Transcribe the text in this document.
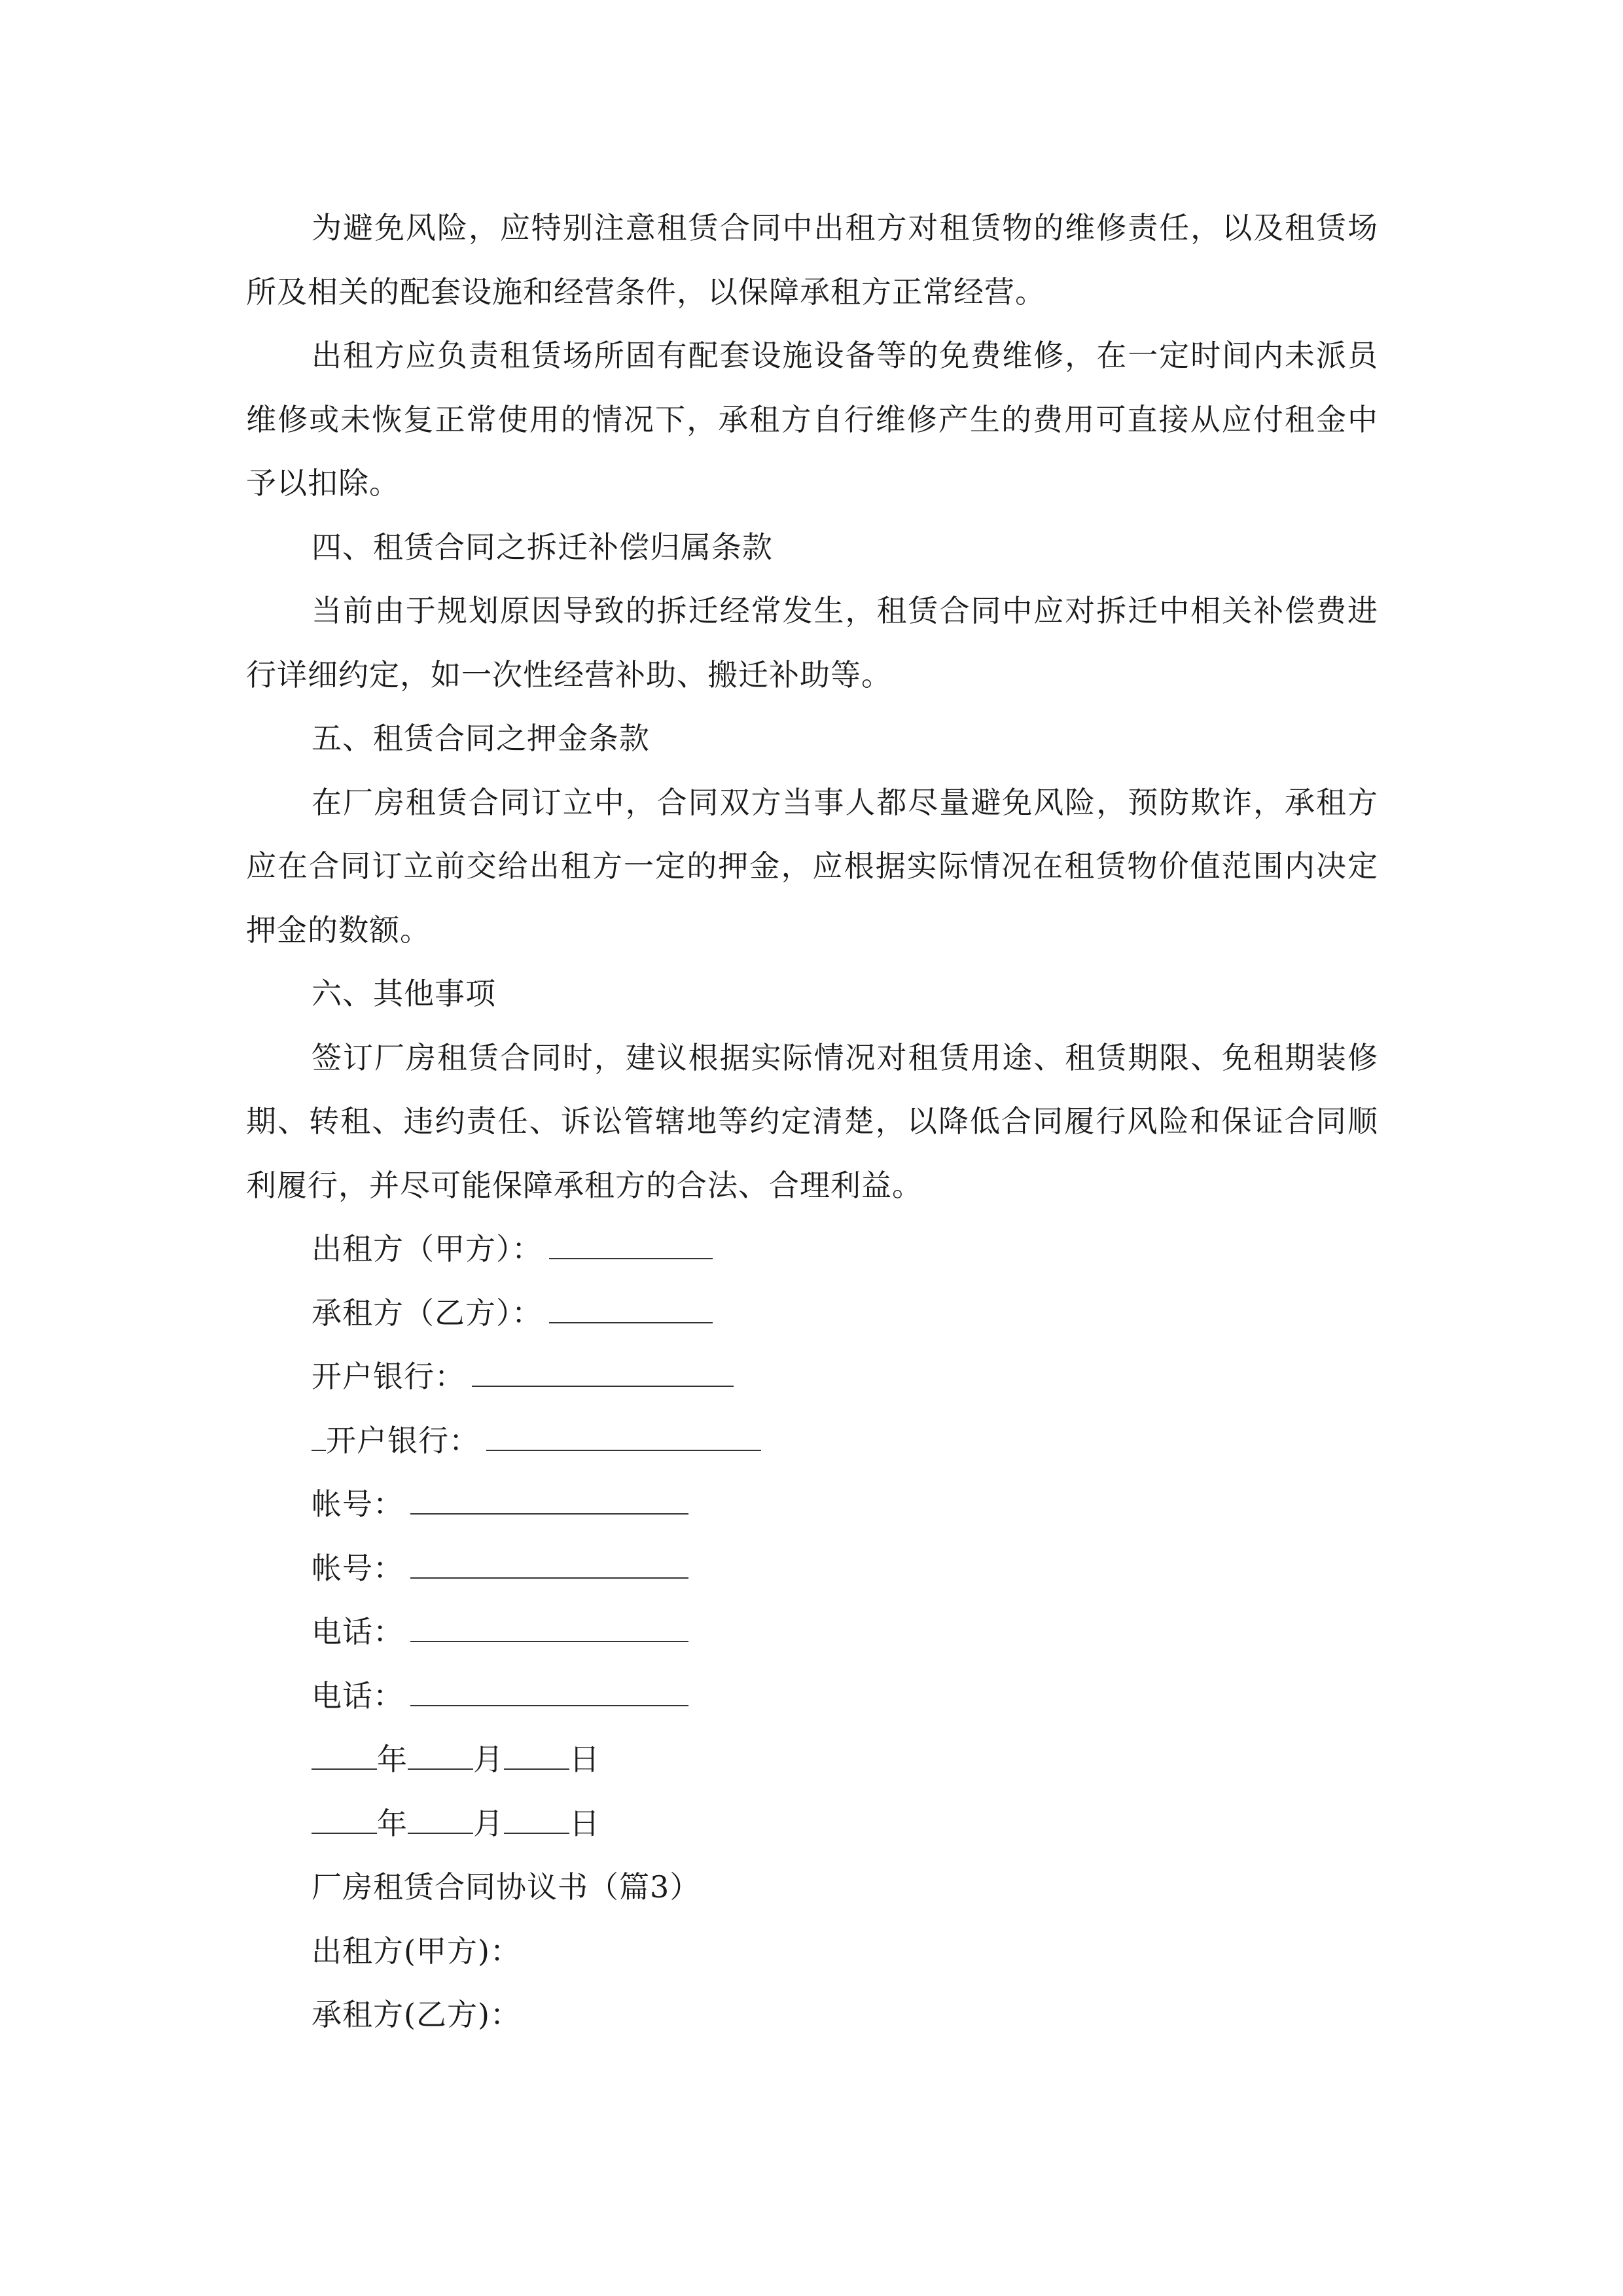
为避免风险，应特别注意租赁合同中出租方对租赁物的维修责任，以及租赁场所及相关的配套设施和经营条件，以保障承租方正常经营。

出租方应负责租赁场所固有配套设施设备等的免费维修，在一定时间内未派员维修或未恢复正常使用的情况下，承租方自行维修产生的费用可直接从应付租金中予以扣除。

四、租赁合同之拆迁补偿归属条款

当前由于规划原因导致的拆迁经常发生，租赁合同中应对拆迁中相关补偿费进行详细约定，如一次性经营补助、搬迁补助等。

五、租赁合同之押金条款

在厂房租赁合同订立中，合同双方当事人都尽量避免风险，预防欺诈，承租方应在合同订立前交给出租方一定的押金，应根据实际情况在租赁物价值范围内决定押金的数额。

六、其他事项

签订厂房租赁合同时，建议根据实际情况对租赁用途、租赁期限、免租期装修期、转租、违约责任、诉讼管辖地等约定清楚，以降低合同履行风险和保证合同顺利履行，并尽可能保障承租方的合法、合理利益。

出租方（甲方）：
承租方（乙方）：
开户银行：
开户银行：
帐号：
帐号：
电话：
电话：
年 月 日
年 月 日
厂房租赁合同协议书（篇3）
出租方(甲方)：
承租方(乙方)：
